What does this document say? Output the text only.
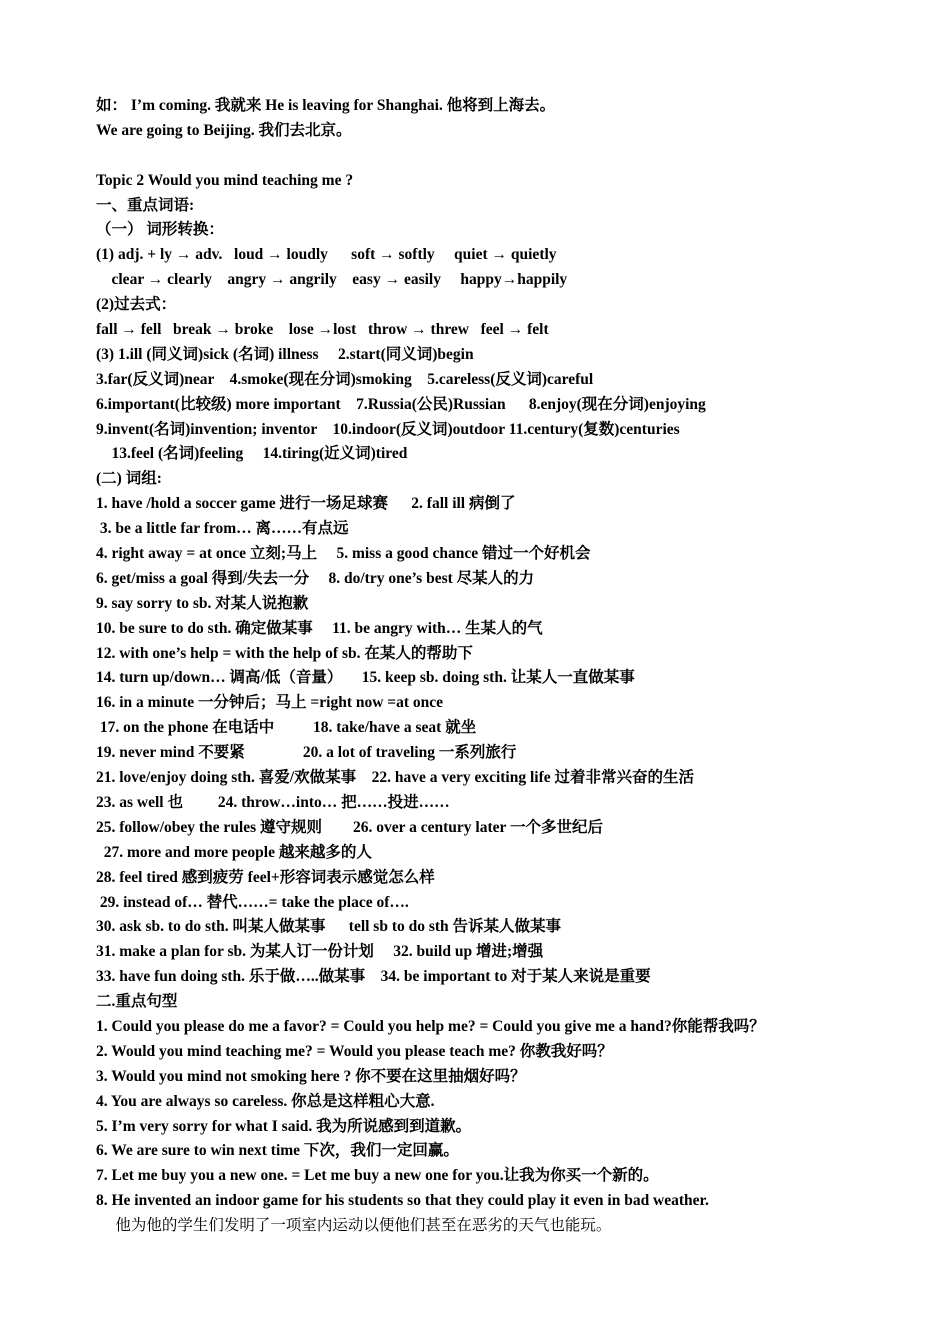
如： I’m coming. 我就来 He is leaving for Shanghai. 他将到上海去。
We are going to Beijing. 我们去北京。
Topic 2 Would you mind teaching me ?
一、重点词语:
（一） 词形转换：
(1) adj. + ly → adv.   loud → loudly      soft → softly     quiet → quietly
clear → clearly    angry → angrily    easy → easily     happy→happily
(2)过去式：
fall → fell   break → broke    lose →lost   throw → threw   feel → felt
(3) 1.ill (同义词)sick (名词) illness     2.start(同义词)begin
3.far(反义词)near    4.smoke(现在分词)smoking    5.careless(反义词)careful
6.important(比较级) more important    7.Russia(公民)Russian      8.enjoy(现在分词)enjoying
9.invent(名词)invention; inventor    10.indoor(反义词)outdoor 11.century(复数)centuries
13.feel (名词)feeling     14.tiring(近义词)tired
(二) 词组:
1. have /hold a soccer game 进行一场足球赛      2. fall ill 病倒了
3. be a little far from… 离……有点远
4. right away = at once 立刻;马上     5. miss a good chance 错过一个好机会
6. get/miss a goal 得到/失去一分     8. do/try one’s best 尽某人的力
9. say sorry to sb. 对某人说抱歉
10. be sure to do sth. 确定做某事     11. be angry with… 生某人的气
12. with one’s help = with the help of sb. 在某人的帮助下
14. turn up/down… 调高/低（音量）     15. keep sb. doing sth. 让某人一直做某事
16. in a minute 一分钟后；马上 =right now =at once
17. on the phone 在电话中          18. take/have a seat 就坐
19. never mind 不要紧               20. a lot of traveling 一系列旅行
21. love/enjoy doing sth. 喜爱/欢做某事    22. have a very exciting life 过着非常兴奋的生活
23. as well 也         24. throw…into… 把……投进……
25. follow/obey the rules 遵守规则        26. over a century later 一个多世纪后
27. more and more people 越来越多的人
28. feel tired 感到疲劳 feel+形容词表示感觉怎么样
29. instead of… 替代……= take the place of….
30. ask sb. to do sth. 叫某人做某事      tell sb to do sth 告诉某人做某事
31. make a plan for sb. 为某人订一份计划     32. build up 增进;增强
33. have fun doing sth. 乐于做…..做某事    34. be important to 对于某人来说是重要
二.重点句型
1. Could you please do me a favor? = Could you help me? = Could you give me a hand?你能帮我吗？
2. Would you mind teaching me? = Would you please teach me? 你教我好吗？
3. Would you mind not smoking here ? 你不要在这里抽烟好吗？
4. You are always so careless. 你总是这样粗心大意.
5. I’m very sorry for what I said. 我为所说感到到道歉。
6. We are sure to win next time 下次，我们一定回赢。
7. Let me buy you a new one. = Let me buy a new one for you.让我为你买一个新的。
8. He invented an indoor game for his students so that they could play it even in bad weather.
他为他的学生们发明了一项室内运动以便他们甚至在恶劣的天气也能玩。
